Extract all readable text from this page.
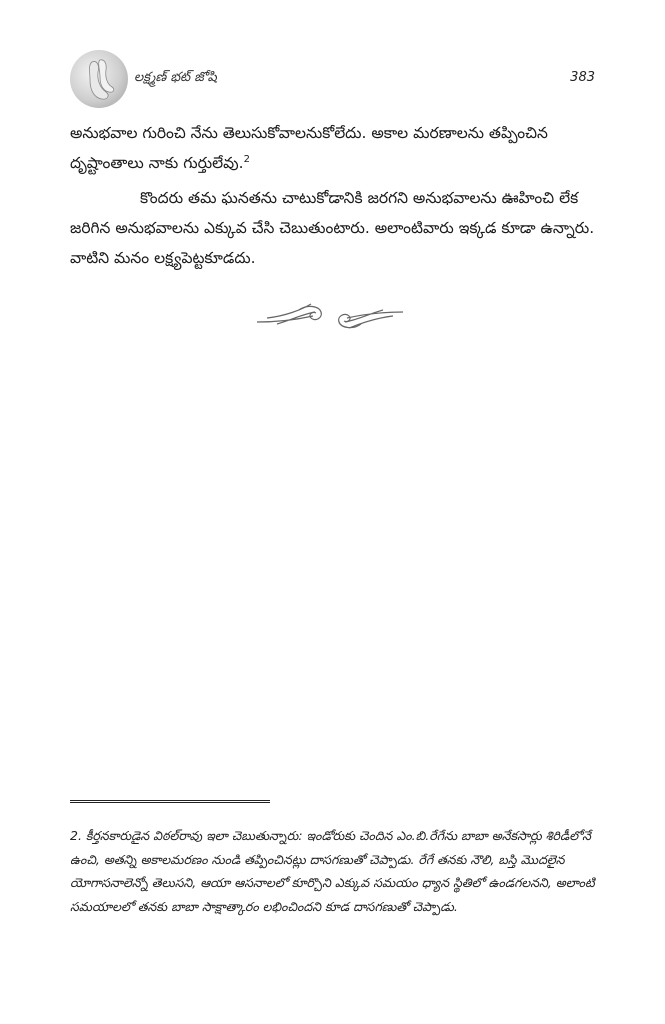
లక్ష్మణ్ భట్ జోషి	383

అనుభవాల గురించి నేను తెలుసుకోవాలనుకోలేదు. అకాల మరణాలను తప్పించిన దృష్టాంతాలు నాకు గుర్తులేవు.$^2$

కొందరు తమ ఘనతను చాటుకోడానికి జరగని అనుభవాలను ఊహించి లేక జరిగిన అనుభవాలను ఎక్కువ చేసి చెబుతుంటారు. అలాంటివారు ఇక్కడ కూడా ఉన్నారు. వాటిని మనం లక్ష్యపెట్టకూడదు.

2. కీర్తనకారుడైన విఠల్‌రావు ఇలా చెబుతున్నారు: ఇండోరుకు చెందిన ఎం.బి.రేగేను బాబా అనేకసార్లు శిరిడీలోనే ఉంచి, అతన్ని అకాలమరణం నుండి తప్పించినట్లు దాసగణుతో చెప్పాడు. రేగే తనకు నౌలి, బస్తి మొదలైన యోగాసనాలెన్నో తెలుసని, ఆయా ఆసనాలలో కూర్చొని ఎక్కువ సమయం ధ్యాన స్థితిలో ఉండగలనని, అలాంటి సమయాలలో తనకు బాబా సాక్షాత్కారం లభించిందని కూడ దాసగణుతో చెప్పాడు.
